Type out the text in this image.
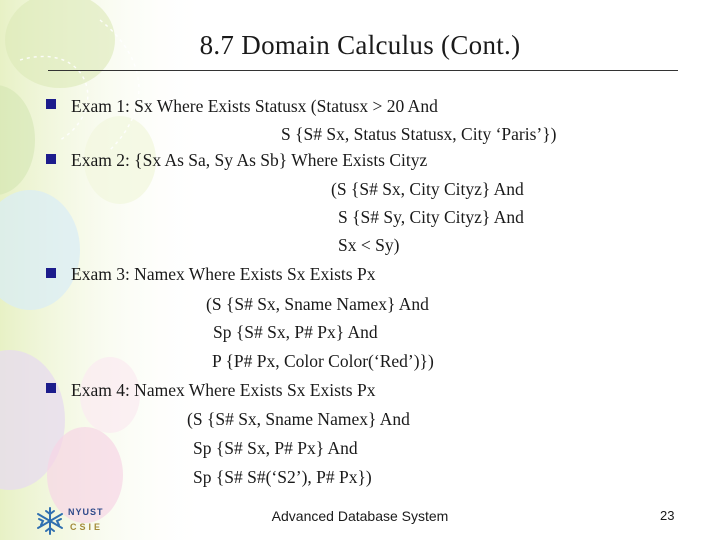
8.7 Domain Calculus (Cont.)
Exam 1: Sx Where Exists Statusx (Statusx > 20 And
S {S# Sx, Status Statusx, City ‘Paris’})
Exam 2: {Sx As Sa, Sy As Sb} Where Exists Cityz
(S {S# Sx, City Cityz} And
S {S# Sy, City Cityz} And
Sx < Sy)
Exam 3: Namex Where Exists Sx Exists Px
(S {S# Sx, Sname Namex} And
Sp {S# Sx, P# Px} And
P {P# Px, Color Color(‘Red’)})
Exam 4: Namex Where Exists Sx Exists Px
(S {S# Sx, Sname Namex} And
Sp {S# Sx, P# Px} And
Sp {S# S#(‘S2’), P# Px})
NYUST
CSIE
Advanced Database System	23
